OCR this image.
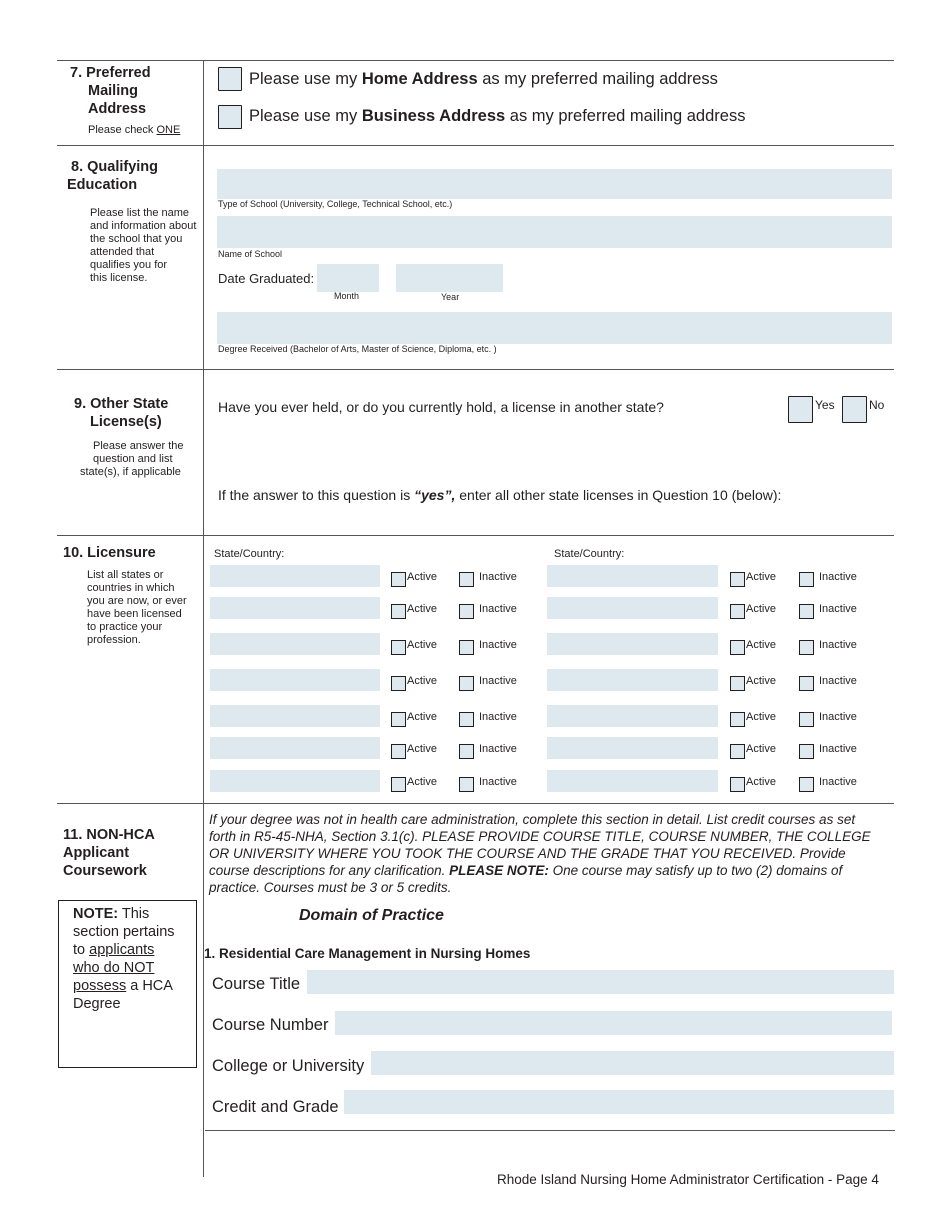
7. Preferred
Mailing
Address
Please check ONE
Please use my Home Address as my preferred mailing address
Please use my Business Address as my preferred mailing address
8. Qualifying
Education
Please list the name
and information about
the school that you
attended that
qualifies you for
this license.
Type of School (University, College, Technical School, etc.)
Name of School
Date Graduated:
Month	Year
Degree Received (Bachelor of Arts, Master of Science, Diploma, etc. )
9. Other State
License(s)
Please answer the
question and list
state(s), if applicable
Have you ever held, or do you currently hold, a license in another state?	Yes	No
If the answer to this question is “yes”, enter all other state licenses in Question 10 (below):
10. Licensure
List all states or
countries in which
you are now, or ever
have been licensed
to practice your
profession.
State/Country:	State/Country:
Active	Inactive	Active	Inactive
Active	Inactive	Active	Inactive
Active	Inactive	Active	Inactive
Active	Inactive	Active	Inactive
Active	Inactive	Active	Inactive
Active	Inactive	Active	Inactive
Active	Inactive	Active	Inactive
11. NON-HCA
Applicant
Coursework
NOTE: This
section pertains
to applicants
who do NOT
possess a HCA
Degree
If your degree was not in health care administration, complete this section in detail. List credit courses as set
forth in R5-45-NHA, Section 3.1(c). PLEASE PROVIDE COURSE TITLE, COURSE NUMBER, THE COLLEGE
OR UNIVERSITY WHERE YOU TOOK THE COURSE AND THE GRADE THAT YOU RECEIVED. Provide
course descriptions for any clarification. PLEASE NOTE: One course may satisfy up to two (2) domains of
practice. Courses must be 3 or 5 credits.
Domain of Practice
1. Residential Care Management in Nursing Homes
Course Title
Course Number
College or University
Credit and Grade
Rhode Island Nursing Home Administrator Certification - Page 4
